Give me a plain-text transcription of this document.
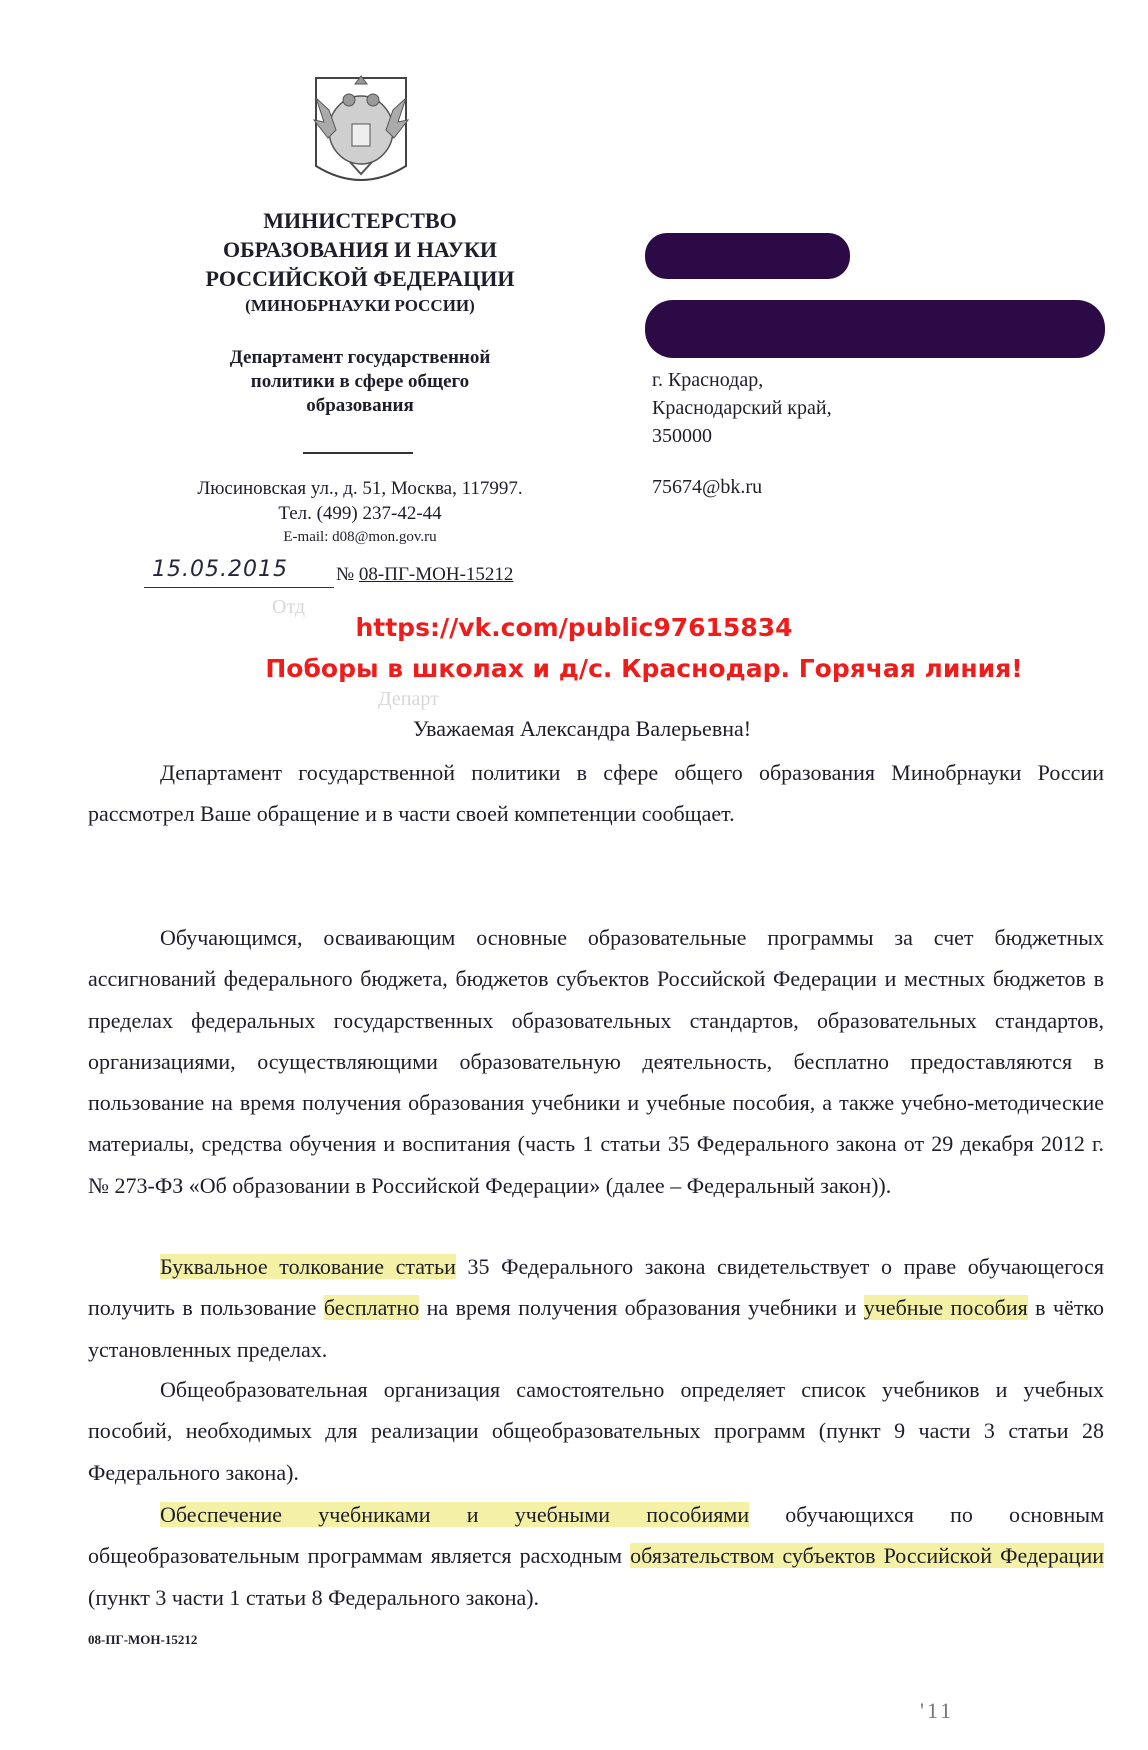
МИНИСТЕРСТВО
ОБРАЗОВАНИЯ И НАУКИ
РОССИЙСКОЙ ФЕДЕРАЦИИ
(МИНОБРНАУКИ РОССИИ)
Департамент государственной
политики в сфере общего
образования
Люсиновская ул., д. 51, Москва, 117997.
Тел. (499) 237-42-44
E-mail: d08@mon.gov.ru
15.05.2015	№ 08-ПГ-МОН-15212
г. Краснодар,
Краснодарский край,
350000
75674@bk.ru
Отд
Департ
https://vk.com/public97615834
Поборы в школах и д/с. Краснодар. Горячая линия!
Уважаемая Александра Валерьевна!

Департамент государственной политики в сфере общего образования Минобрнауки России рассмотрел Ваше обращение и в части своей компетенции сообщает.

Обучающимся, осваивающим основные образовательные программы за счет бюджетных ассигнований федерального бюджета, бюджетов субъектов Российской Федерации и местных бюджетов в пределах федеральных государственных образовательных стандартов, образовательных стандартов, организациями, осуществляющими образовательную деятельность, бесплатно предоставляются в пользование на время получения образования учебники и учебные пособия, а также учебно-методические материалы, средства обучения и воспитания (часть 1 статьи 35 Федерального закона от 29 декабря 2012 г. № 273-ФЗ «Об образовании в Российской Федерации» (далее – Федеральный закон)).

Буквальное толкование статьи 35 Федерального закона свидетельствует о праве обучающегося получить в пользование бесплатно на время получения образования учебники и учебные пособия в чётко установленных пределах.

Общеобразовательная организация самостоятельно определяет список учебников и учебных пособий, необходимых для реализации общеобразовательных программ (пункт 9 части 3 статьи 28 Федерального закона).

Обеспечение учебниками и учебными пособиями обучающихся по основным общеобразовательным программам является расходным обязательством субъектов Российской Федерации (пункт 3 части 1 статьи 8 Федерального закона).

08-ПГ-МОН-15212
'11
